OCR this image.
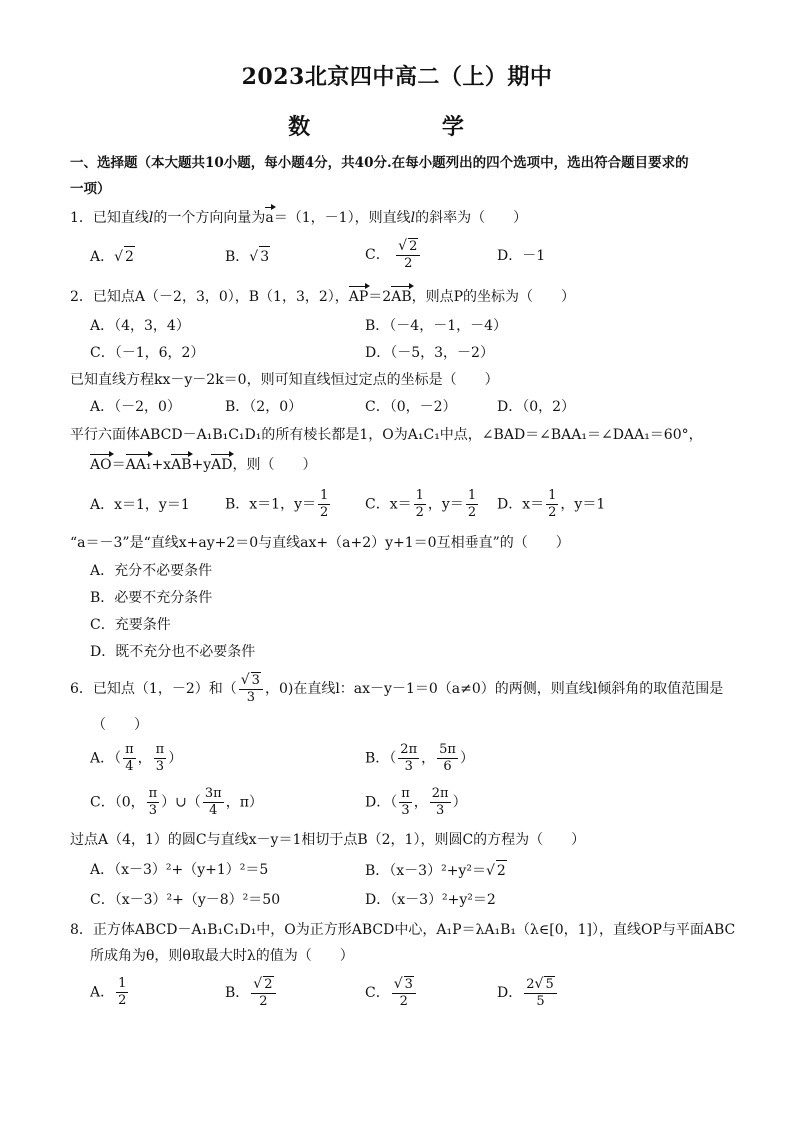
2023北京四中高二（上）期中
数 学
一、选择题（本大题共10小题，每小题4分，共40分.在每小题列出的四个选项中，选出符合题目要求的
一项）
1．已知直线l的一个方向向量为a＝（1，－1），则直线l的斜率为（　　）
A．√ 2	B．√ 3	C． $\frac{√ 2}{2}$	D．－1
2．已知点A（－2，3，0），B（1，3，2），AP＝2AB，则点P的坐标为（　　）
A．（4，3，4）	B．（－4，－1，－4）
C．（－1，6，2）	D．（－5，3，－2）
已知直线方程kx－y－2k＝0，则可知直线恒过定点的坐标是（　　）
A．（－2，0）	B．（2，0）	C．（0，－2）	D．（0，2）
平行六面体ABCD－A₁B₁C₁D₁的所有棱长都是1，O为A₁C₁中点，∠BAD＝∠BAA₁＝∠DAA₁＝60°，
AO＝AA₁+xAB+yAD，则（　　）
A．x＝1，y＝1	B．x＝1，$y= \frac{1}{2}$ C．$x= \frac{1}{2}$ ，$y= \frac{1}{2}$ D．$x= \frac{1}{2}$ ，y＝1
“a＝－3”是“直线x+ay+2＝0与直线ax+（a+2）y+1＝0互相垂直”的（　　）
A．充分不必要条件
B．必要不充分条件
C．充要条件
D．既不充分也不必要条件
6．已知点（1，－2）和（ $\frac{√ 3}{3}$ ，0)在直线l：ax－y－1＝0（a≠0）的两侧，则直线l倾斜角的取值范围是
（　　）
A．（ $\frac{\pi}{4}$ ， $\frac{\pi}{3}$ ）	B．（ $\frac{2\pi}{3}$ ， $\frac{5\pi}{6}$ ）
C．（0， $\frac{\pi}{3}$ ）∪（ $\frac{3\pi}{4}$ ，π）	D．（ $\frac{\pi}{3}$ ， $\frac{2\pi}{3}$ ）
过点A（4，1）的圆C与直线x－y＝1相切于点B（2，1），则圆C的方程为（　　）
A．（x－3）²+（y+1）²＝5	B．（x－3）²+y²＝√ 2
C．（x－3）²+（y－8）²＝50	D．（x－3）²+y²＝2
8．正方体ABCD－A₁B₁C₁D₁中，O为正方形ABCD中心，A₁P＝λA₁B₁（λ∈[0，1]），直线OP与平面ABC
所成角为θ，则θ取最大时λ的值为（　　）
A． $\frac{1}{2}$	B． $\frac{√ 2}{2}$	C． $\frac{√ 3}{2}$	D． $\frac{2√ 5}{5}$
